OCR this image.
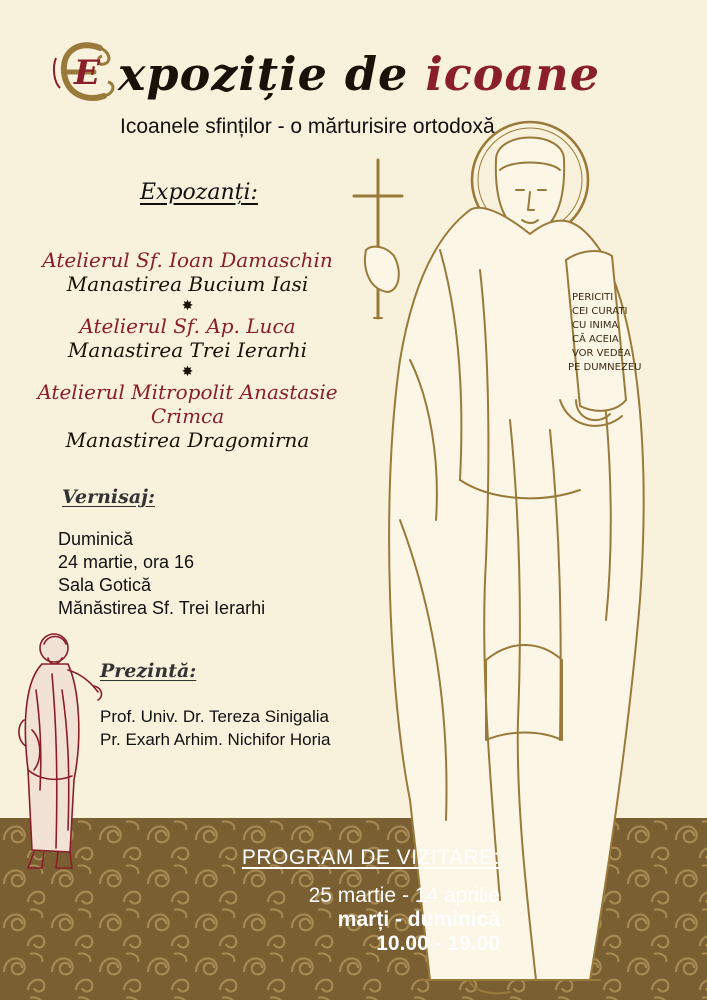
E xpoziție de icoane

Icoanele sfinților - o mărturisire ortodoxă

Expozanți:

Atelierul Sf. Ioan Damaschin
Manastirea Bucium Iasi
✸
Atelierul Sf. Ap. Luca
Manastirea Trei Ierarhi
✸
Atelierul Mitropolit Anastasie Crimca
Manastirea Dragomirna

Vernisaj:

Duminică
24 martie, ora 16
Sala Gotică
Mănăstirea Sf. Trei Ierarhi

Prezintă:

Prof. Univ. Dr. Tereza Sinigalia
Pr. Exarh Arhim. Nichifor Horia
PERICITI
CEI CURATI
CU INIMA
CĂ ACEIA
VOR VEDEA
PE DUMNEZEU

PROGRAM DE VIZITARE:

25 martie - 14 aprilie

marți - duminică

10.00 - 19.00
